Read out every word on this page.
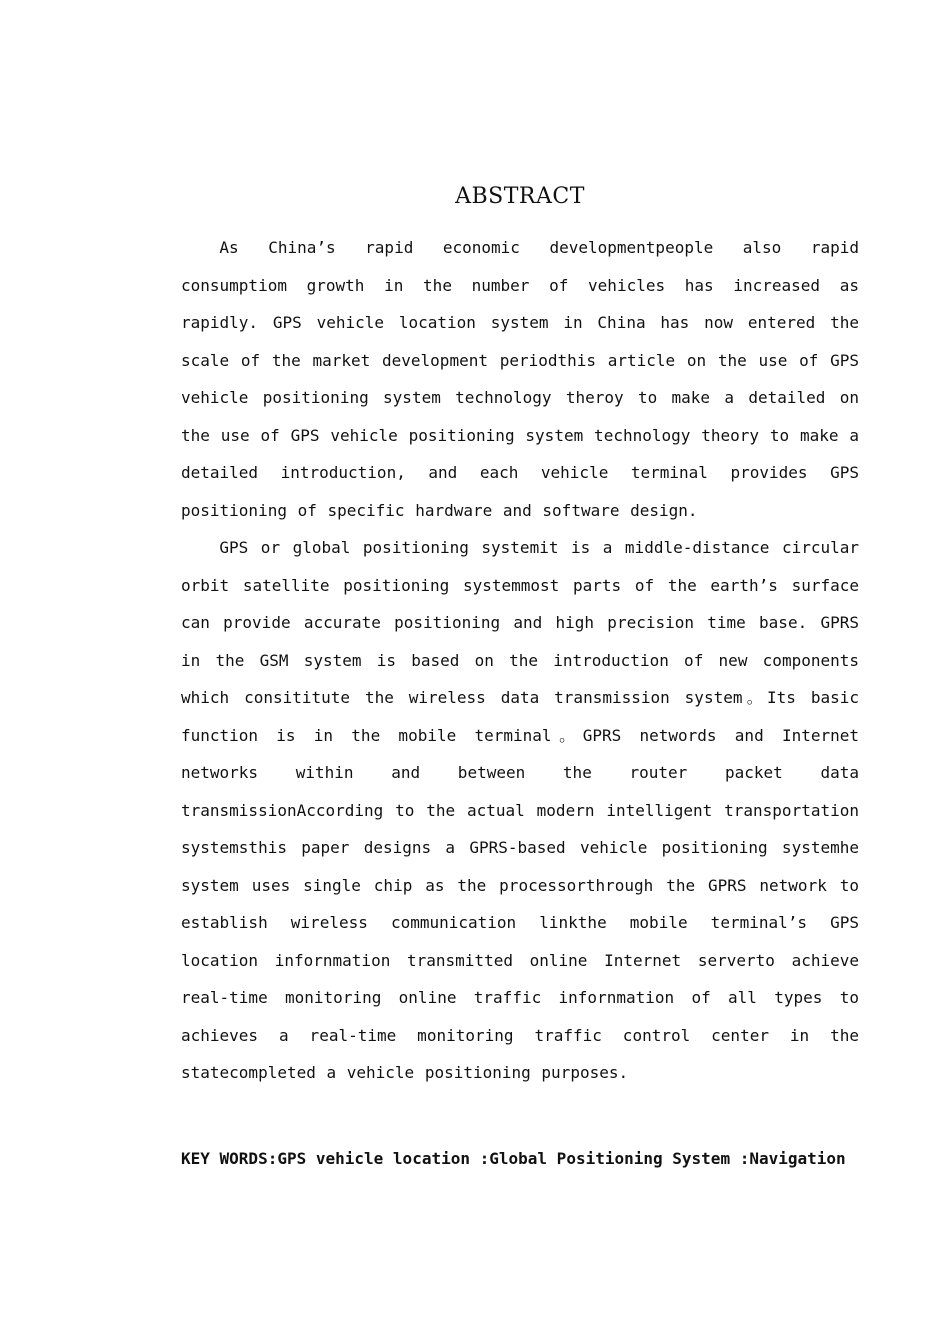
ABSTRACT

As China’s rapid economic developmentpeople also rapid consumptiom growth in the number of vehicles has increased as rapidly. GPS vehicle location system in China has now entered the scale of the market development periodthis article on the use of GPS vehicle positioning system technology theroy to make a detailed on the use of GPS vehicle positioning system technology theory to make a detailed introduction, and each vehicle terminal provides GPS positioning of specific hardware and software design.

GPS or global positioning systemit is a middle-distance circular orbit satellite positioning systemmost parts of the earth’s surface can provide accurate positioning and high precision time base. GPRS in the GSM system is based on the introduction of new components which consititute the wireless data transmission system。Its basic function is in the mobile terminal。GPRS networds and Internet networks within and between the router packet data transmissionAccording to the actual modern intelligent transportation systemsthis paper designs a GPRS-based vehicle positioning systemhe system uses single chip as the processorthrough the GPRS network to establish wireless communication linkthe mobile terminal’s GPS location infornmation transmitted online Internet serverto achieve real-time monitoring online traffic infornmation of all types to achieves a real-time monitoring traffic control center in the statecompleted a vehicle positioning purposes.

KEY WORDS:GPS vehicle location :Global Positioning System :Navigation
